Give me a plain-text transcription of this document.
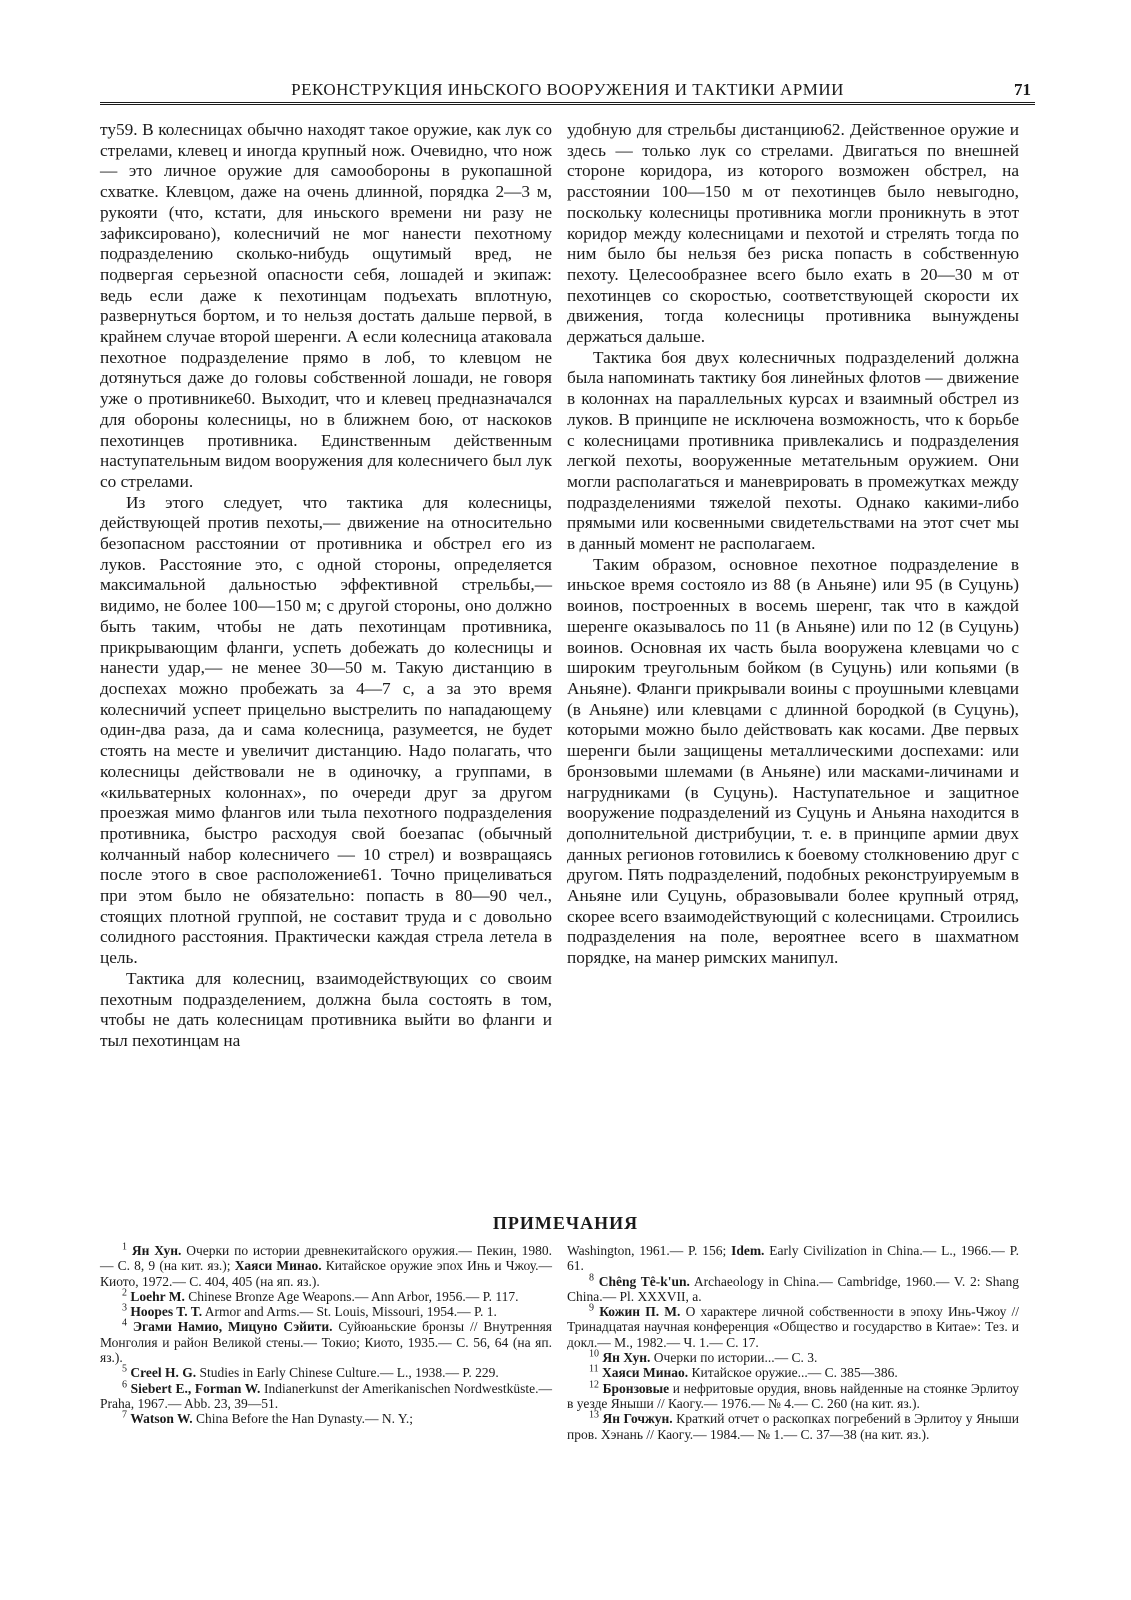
РЕКОНСТРУКЦИЯ ИНЬСКОГО ВООРУЖЕНИЯ И ТАКТИКИ АРМИИ	71

ту59. В колесницах обычно находят такое оружие, как лук со стрелами, клевец и иногда крупный нож. Очевидно, что нож — это личное оружие для самообороны в рукопашной схватке. Клевцом, даже на очень длинной, порядка 2—3 м, рукояти (что, кстати, для иньского времени ни разу не зафиксировано), колесничий не мог нанести пехотному подразделению сколько-нибудь ощутимый вред, не подвергая серьезной опасности себя, лошадей и экипаж: ведь если даже к пехотинцам подъехать вплотную, развернуться бортом, и то нельзя достать дальше первой, в крайнем случае второй шеренги. А если колесница атаковала пехотное подразделение прямо в лоб, то клевцом не дотянуться даже до головы собственной лошади, не говоря уже о противнике60. Выходит, что и клевец предназначался для обороны колесницы, но в ближнем бою, от наскоков пехотинцев противника. Единственным действенным наступательным видом вооружения для колесничего был лук со стрелами.

Из этого следует, что тактика для колесницы, действующей против пехоты,— движение на относительно безопасном расстоянии от противника и обстрел его из луков. Расстояние это, с одной стороны, определяется максимальной дальностью эффективной стрельбы,— видимо, не более 100—150 м; с другой стороны, оно должно быть таким, чтобы не дать пехотинцам противника, прикрывающим фланги, успеть добежать до колесницы и нанести удар,— не менее 30—50 м. Такую дистанцию в доспехах можно пробежать за 4—7 с, а за это время колесничий успеет прицельно выстрелить по нападающему один-два раза, да и сама колесница, разумеется, не будет стоять на месте и увеличит дистанцию. Надо полагать, что колесницы действовали не в одиночку, а группами, в «кильватерных колоннах», по очереди друг за другом проезжая мимо флангов или тыла пехотного подразделения противника, быстро расходуя свой боезапас (обычный колчанный набор колесничего — 10 стрел) и возвращаясь после этого в свое расположение61. Точно прицеливаться при этом было не обязательно: попасть в 80—90 чел., стоящих плотной группой, не составит труда и с довольно солидного расстояния. Практически каждая стрела летела в цель.

Тактика для колесниц, взаимодействующих со своим пехотным подразделением, должна была состоять в том, чтобы не дать колесницам противника выйти во фланги и тыл пехотинцам на

удобную для стрельбы дистанцию62. Действенное оружие и здесь — только лук со стрелами. Двигаться по внешней стороне коридора, из которого возможен обстрел, на расстоянии 100—150 м от пехотинцев было невыгодно, поскольку колесницы противника могли проникнуть в этот коридор между колесницами и пехотой и стрелять тогда по ним было бы нельзя без риска попасть в собственную пехоту. Целесообразнее всего было ехать в 20—30 м от пехотинцев со скоростью, соответствующей скорости их движения, тогда колесницы противника вынуждены держаться дальше.

Тактика боя двух колесничных подразделений должна была напоминать тактику боя линейных флотов — движение в колоннах на параллельных курсах и взаимный обстрел из луков. В принципе не исключена возможность, что к борьбе с колесницами противника привлекались и подразделения легкой пехоты, вооруженные метательным оружием. Они могли располагаться и маневрировать в промежутках между подразделениями тяжелой пехоты. Однако какими-либо прямыми или косвенными свидетельствами на этот счет мы в данный момент не располагаем.

Таким образом, основное пехотное подразделение в иньское время состояло из 88 (в Аньяне) или 95 (в Суцунь) воинов, построенных в восемь шеренг, так что в каждой шеренге оказывалось по 11 (в Аньяне) или по 12 (в Суцунь) воинов. Основная их часть была вооружена клевцами чо с широким треугольным бойком (в Суцунь) или копьями (в Аньяне). Фланги прикрывали воины с проушными клевцами (в Аньяне) или клевцами с длинной бородкой (в Суцунь), которыми можно было действовать как косами. Две первых шеренги были защищены металлическими доспехами: или бронзовыми шлемами (в Аньяне) или масками-личинами и нагрудниками (в Суцунь). Наступательное и защитное вооружение подразделений из Суцунь и Аньяна находится в дополнительной дистрибуции, т. е. в принципе армии двух данных регионов готовились к боевому столкновению друг с другом. Пять подразделений, подобных реконструируемым в Аньяне или Суцунь, образовывали более крупный отряд, скорее всего взаимодействующий с колесницами. Строились подразделения на поле, вероятнее всего в шахматном порядке, на манер римских манипул.

ПРИМЕЧАНИЯ
$^1$ Ян Хун. Очерки по истории древнекитайского оружия.— Пекин, 1980.— С. 8, 9 (на кит. яз.); Хаяси Минао. Китайское оружие эпох Инь и Чжоу.— Киото, 1972.— С. 404, 405 (на яп. яз.).
$^2$ Loehr M. Chinese Bronze Age Weapons.— Ann Arbor, 1956.— P. 117.
$^3$ Hoopes T. T. Armor and Arms.— St. Louis, Missouri, 1954.— P. 1.
$^4$ Эгами Намио, Мицуно Сэйити. Суйюаньские бронзы // Внутренняя Монголия и район Великой стены.— Токио; Киото, 1935.— С. 56, 64 (на яп. яз.).
$^5$ Creel H. G. Studies in Early Chinese Culture.— L., 1938.— P. 229.
$^6$ Siebert E., Forman W. Indianerkunst der Amerikanischen Nordwestküste.— Praha, 1967.— Abb. 23, 39—51.
$^7$ Watson W. China Before the Han Dynasty.— N. Y.;
Washington, 1961.— P. 156; Idem. Early Civilization in China.— L., 1966.— P. 61.
$^8$ Chêng Tê-k'un. Archaeology in China.— Cambridge, 1960.— V. 2: Shang China.— Pl. XXXVII, a.
$^9$ Кожин П. М. О характере личной собственности в эпоху Инь-Чжоу // Тринадцатая научная конференция «Общество и государство в Китае»: Тез. и докл.— М., 1982.— Ч. 1.— С. 17.
$^{10}$ Ян Хун. Очерки по истории...— С. 3.
$^{11}$ Хаяси Минао. Китайское оружие...— С. 385—386.
$^{12}$ Бронзовые и нефритовые орудия, вновь найденные на стоянке Эрлитоу в уезде Яныши // Каогу.— 1976.— № 4.— С. 260 (на кит. яз.).
$^{13}$ Ян Гочжун. Краткий отчет о раскопках погребений в Эрлитоу у Яныши пров. Хэнань // Каогу.— 1984.— № 1.— С. 37—38 (на кит. яз.).
